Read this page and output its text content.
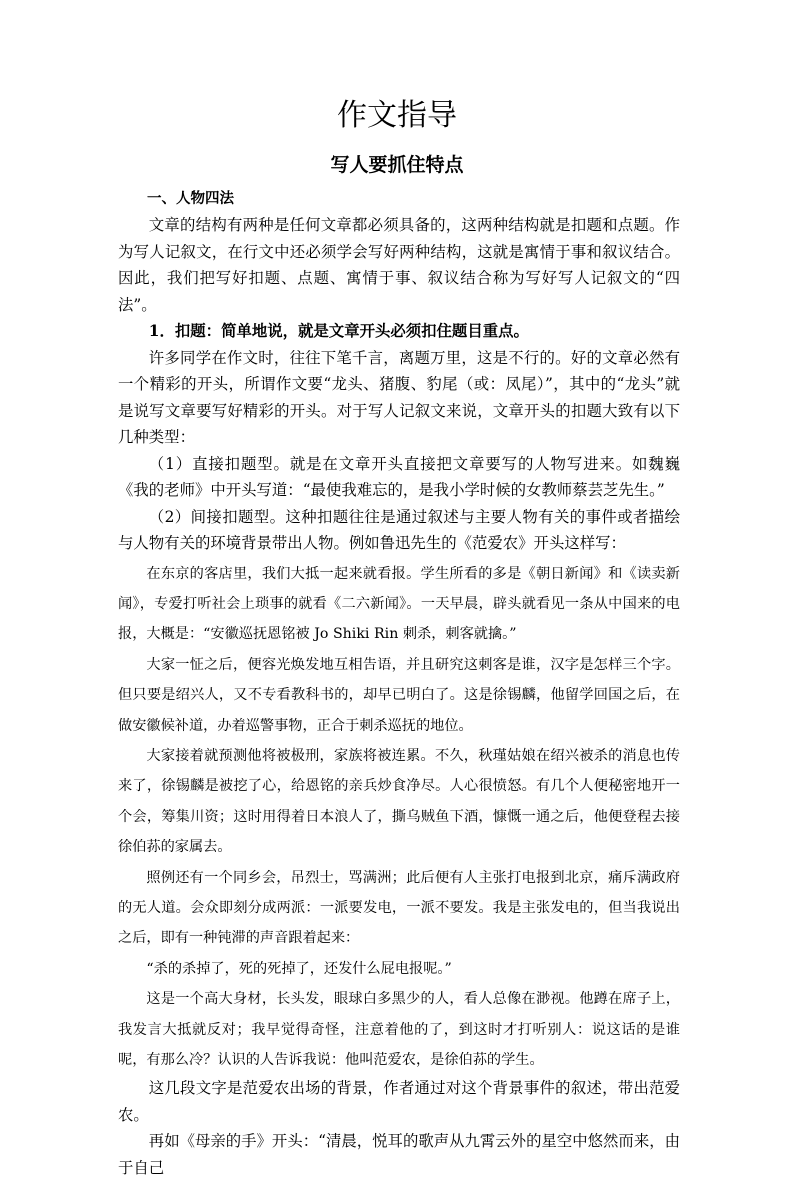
作文指导
写人要抓住特点

一、人物四法

文章的结构有两种是任何文章都必须具备的，这两种结构就是扣题和点题。作为写人记叙文，在行文中还必须学会写好两种结构，这就是寓情于事和叙议结合。因此，我们把写好扣题、点题、寓情于事、叙议结合称为写好写人记叙文的“四法”。

1．扣题：简单地说，就是文章开头必须扣住题目重点。

许多同学在作文时，往往下笔千言，离题万里，这是不行的。好的文章必然有一个精彩的开头，所谓作文要“龙头、猪腹、豹尾（或：凤尾）”，其中的“龙头”就是说写文章要写好精彩的开头。对于写人记叙文来说，文章开头的扣题大致有以下几种类型：

（1）直接扣题型。就是在文章开头直接把文章要写的人物写进来。如魏巍《我的老师》中开头写道：“最使我难忘的，是我小学时候的女教师蔡芸芝先生。”

（2）间接扣题型。这种扣题往往是通过叙述与主要人物有关的事件或者描绘与人物有关的环境背景带出人物。例如鲁迅先生的《范爱农》开头这样写：

在东京的客店里，我们大抵一起来就看报。学生所看的多是《朝日新闻》和《读卖新闻》，专爱打听社会上琐事的就看《二六新闻》。一天早晨，辟头就看见一条从中国来的电报，大概是：“安徽巡抚恩铭被 Jo Shiki Rin 刺杀，刺客就擒。”

大家一怔之后，便容光焕发地互相告语，并且研究这刺客是谁，汉字是怎样三个字。但只要是绍兴人，又不专看教科书的，却早已明白了。这是徐锡麟，他留学回国之后，在做安徽候补道，办着巡警事物，正合于刺杀巡抚的地位。

大家接着就预测他将被极刑，家族将被连累。不久，秋瑾姑娘在绍兴被杀的消息也传来了，徐锡麟是被挖了心，给恩铭的亲兵炒食净尽。人心很愤怒。有几个人便秘密地开一个会，筹集川资；这时用得着日本浪人了，撕乌贼鱼下酒，慷慨一通之后，他便登程去接徐伯荪的家属去。

照例还有一个同乡会，吊烈士，骂满洲；此后便有人主张打电报到北京，痛斥满政府的无人道。会众即刻分成两派：一派要发电，一派不要发。我是主张发电的，但当我说出之后，即有一种钝滞的声音跟着起来：

“杀的杀掉了，死的死掉了，还发什么屁电报呢。”

这是一个高大身材，长头发，眼球白多黑少的人，看人总像在渺视。他蹲在席子上，我发言大抵就反对；我早觉得奇怪，注意着他的了，到这时才打听别人：说这话的是谁呢，有那么冷？认识的人告诉我说：他叫范爱农，是徐伯荪的学生。

这几段文字是范爱农出场的背景，作者通过对这个背景事件的叙述，带出范爱农。

再如《母亲的手》开头：“清晨，悦耳的歌声从九霄云外的星空中悠然而来，由于自己
